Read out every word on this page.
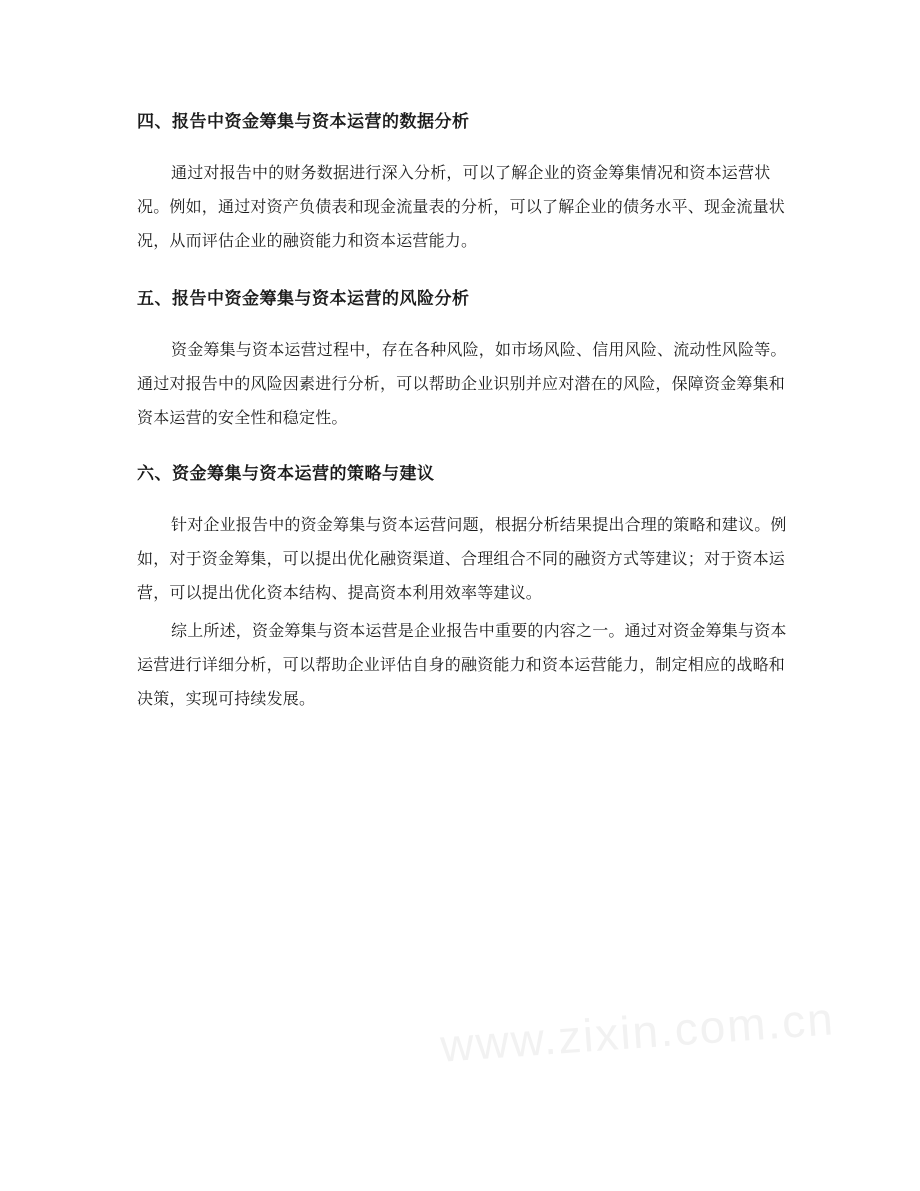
四、报告中资金筹集与资本运营的数据分析

通过对报告中的财务数据进行深入分析，可以了解企业的资金筹集情况和资本运营状况。例如，通过对资产负债表和现金流量表的分析，可以了解企业的债务水平、现金流量状况，从而评估企业的融资能力和资本运营能力。

五、报告中资金筹集与资本运营的风险分析

资金筹集与资本运营过程中，存在各种风险，如市场风险、信用风险、流动性风险等。通过对报告中的风险因素进行分析，可以帮助企业识别并应对潜在的风险，保障资金筹集和资本运营的安全性和稳定性。

六、资金筹集与资本运营的策略与建议

针对企业报告中的资金筹集与资本运营问题，根据分析结果提出合理的策略和建议。例如，对于资金筹集，可以提出优化融资渠道、合理组合不同的融资方式等建议；对于资本运营，可以提出优化资本结构、提高资本利用效率等建议。

综上所述，资金筹集与资本运营是企业报告中重要的内容之一。通过对资金筹集与资本运营进行详细分析，可以帮助企业评估自身的融资能力和资本运营能力，制定相应的战略和决策，实现可持续发展。

www.zixin.com.cn
